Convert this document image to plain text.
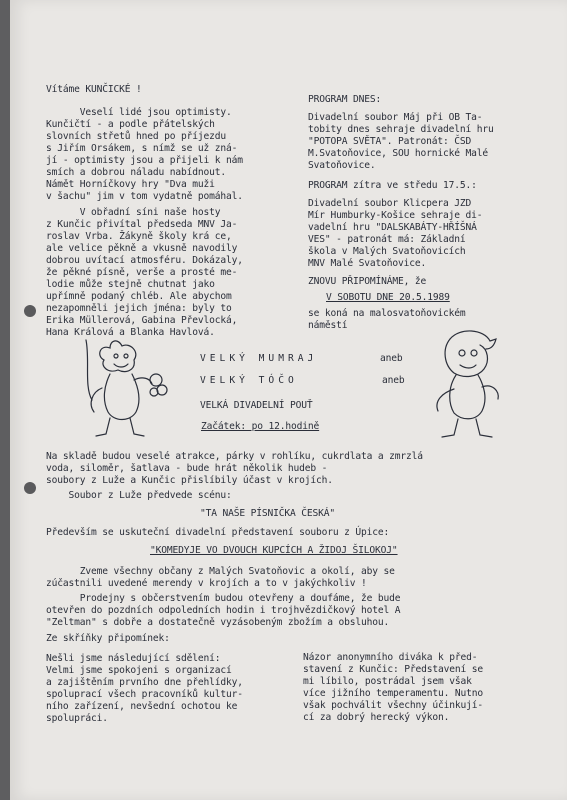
Vítáme KUNČICKÉ !
Veselí lidé jsou optimisty.
Kunčičtí - a podle přátelských
slovních střetů hned po příjezdu
s Jiřím Orsákem, s nímž se už zná-
jí - optimisty jsou a přijeli k nám
smích a dobrou náladu nabídnout.
Námět Horníčkovy hry "Dva muži
v šachu" jim v tom vydatně pomáhal.
V obřadní síni naše hosty
z Kunčic přivítal předseda MNV Ja-
roslav Vrba. Žákyně školy krá ce,
ale velice pěkně a vkusně navodily
dobrou uvítací atmosféru. Dokázaly,
že pěkné písně, verše a prosté me-
lodie může stejně chutnat jako
upřímně podaný chléb. Ale abychom
nezapomněli jejich jména: byly to
Erika Müllerová, Gabina Převlocká,
Hana Králová a Blanka Havlová.
PROGRAM DNES:
Divadelní soubor Máj při OB Ta-
tobity dnes sehraje divadelní hru
"POTOPA SVĚTA". Patronát: ČSD
M.Svatoňovice, SOU hornické Malé
Svatoňovice.
PROGRAM zítra ve středu 17.5.:
Divadelní soubor Klicpera JZD
Mír Humburky-Košice sehraje di-
vadelní hru "DALSKABÁTY-HŘÍŠNÁ
VES" - patronát má: Základní
škola v Malých Svatoňovicích
MNV Malé Svatoňovice.
ZNOVU PŘIPOMÍNÁME, že
V SOBOTU DNE 20.5.1989
se koná na malosvatoňovickém
náměstí
VELKÝ MUMRAJ	aneb
VELKÝ TÓČO	aneb
VELKÁ DIVADELNÍ POUŤ
Začátek: po 12.hodině
Na skladě budou veselé atrakce, párky v rohlíku, cukrdlata a zmrzlá
voda, siloměr, šatlava - bude hrát několik hudeb -
soubory z Luže a Kunčic přislíbily účast v krojích.
Soubor z Luže předvede scénu:
"TA NAŠE PÍSNIČKA ČESKÁ"
Především se uskuteční divadelní představení souboru z Úpice:
"KOMEDYJE VO DVOUCH KUPCÍCH A ŽIDOJ ŠILOKOJ"
Zveme všechny občany z Malých Svatoňovic a okolí, aby se
zúčastnili uvedené merendy v krojích a to v jakýchkoliv !
Prodejny s občerstvením budou otevřeny a doufáme, že bude
otevřen do pozdních odpoledních hodin i trojhvězdičkový hotel A
"Zeltman" s dobře a dostatečně vyzásobeným zbožím a obsluhou.
Ze skříňky připomínek:
Nešli jsme následující sdělení:
Velmi jsme spokojeni s organizací
a zajištěním prvního dne přehlídky,
spoluprací všech pracovníků kultur-
ního zařízení, nevšední ochotou ke
spolupráci.
Názor anonymního diváka k před-
stavení z Kunčic: Představení se
mi líbilo, postrádal jsem však
více jižního temperamentu. Nutno
však pochválit všechny účinkují-
cí za dobrý herecký výkon.
